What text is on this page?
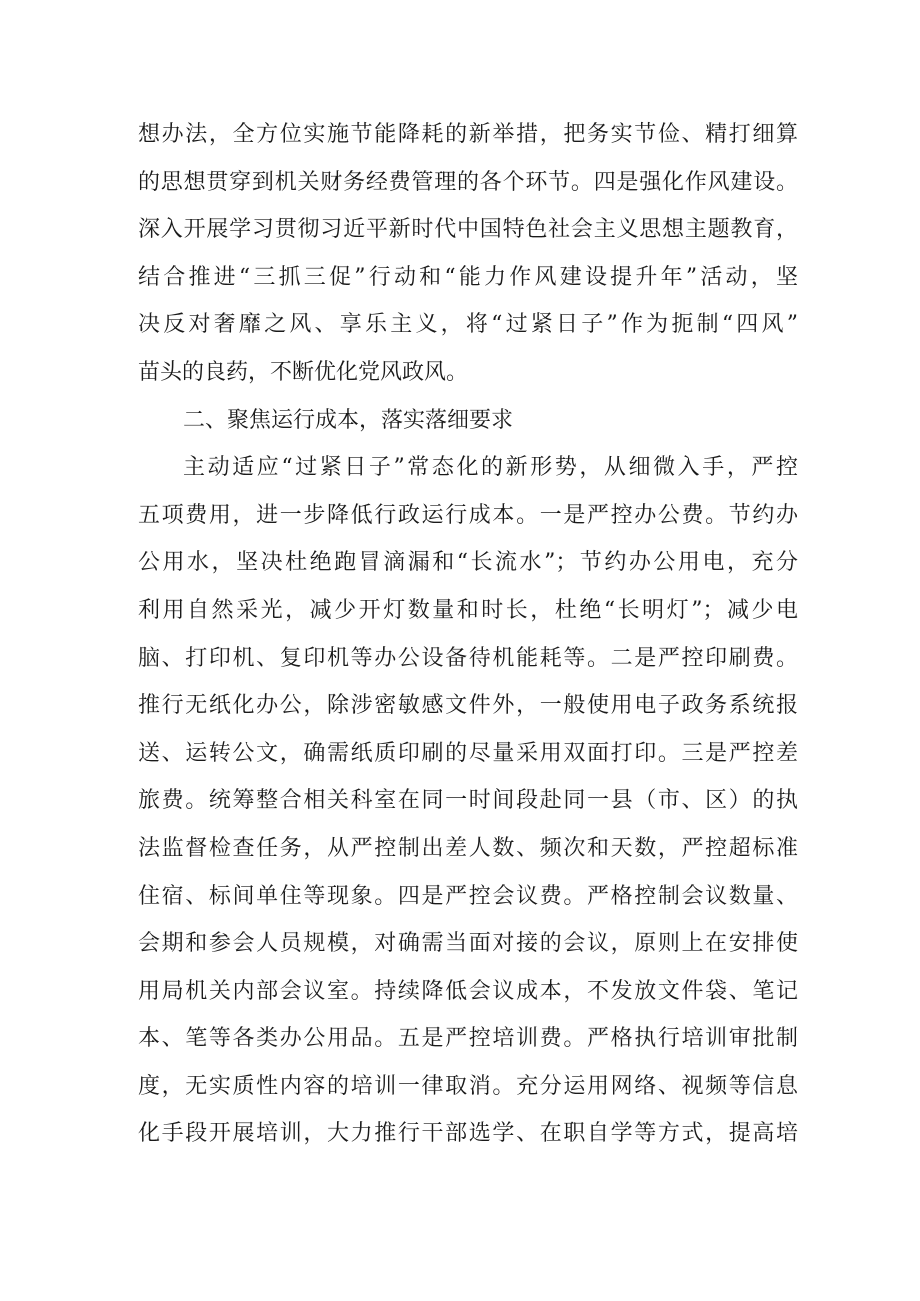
想办法，全方位实施节能降耗的新举措，把务实节俭、精打细算
的思想贯穿到机关财务经费管理的各个环节。四是强化作风建设。
深入开展学习贯彻习近平新时代中国特色社会主义思想主题教育，
结合推进“三抓三促”行动和“能力作风建设提升年”活动，坚
决反对奢靡之风、享乐主义，将“过紧日子”作为扼制“四风”
苗头的良药，不断优化党风政风。
二、聚焦运行成本，落实落细要求
主动适应“过紧日子”常态化的新形势，从细微入手，严控
五项费用，进一步降低行政运行成本。一是严控办公费。节约办
公用水，坚决杜绝跑冒滴漏和“长流水”；节约办公用电，充分
利用自然采光，减少开灯数量和时长，杜绝“长明灯”；减少电
脑、打印机、复印机等办公设备待机能耗等。二是严控印刷费。
推行无纸化办公，除涉密敏感文件外，一般使用电子政务系统报
送、运转公文，确需纸质印刷的尽量采用双面打印。三是严控差
旅费。统筹整合相关科室在同一时间段赴同一县（市、区）的执
法监督检查任务，从严控制出差人数、频次和天数，严控超标准
住宿、标间单住等现象。四是严控会议费。严格控制会议数量、
会期和参会人员规模，对确需当面对接的会议，原则上在安排使
用局机关内部会议室。持续降低会议成本，不发放文件袋、笔记
本、笔等各类办公用品。五是严控培训费。严格执行培训审批制
度，无实质性内容的培训一律取消。充分运用网络、视频等信息
化手段开展培训，大力推行干部选学、在职自学等方式，提高培
